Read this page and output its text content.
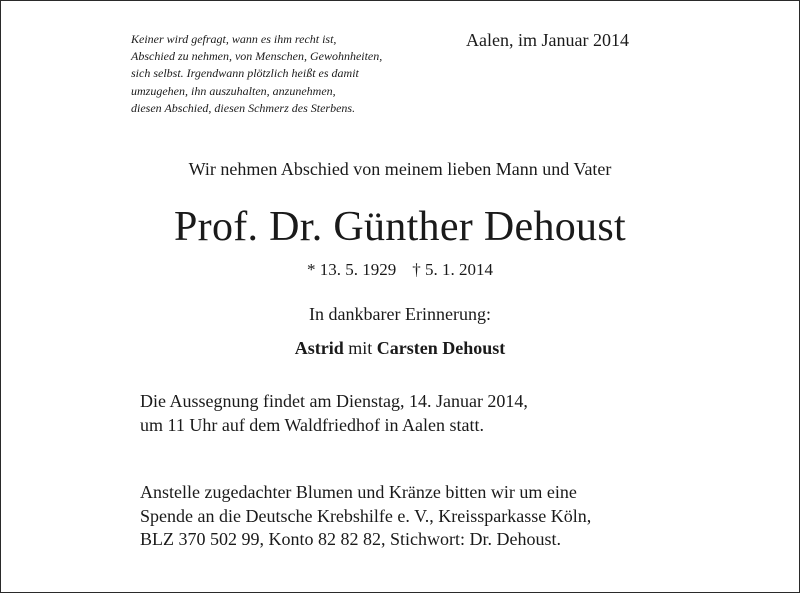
Keiner wird gefragt, wann es ihm recht ist,
Abschied zu nehmen, von Menschen, Gewohnheiten,
sich selbst. Irgendwann plötzlich heißt es damit
umzugehen, ihn auszuhalten, anzunehmen,
diesen Abschied, diesen Schmerz des Sterbens.
Aalen, im Januar 2014
Wir nehmen Abschied von meinem lieben Mann und Vater
Prof. Dr. Günther Dehoust
* 13. 5. 1929 † 5. 1. 2014
In dankbarer Erinnerung:
Astrid mit Carsten Dehoust
Die Aussegnung findet am Dienstag, 14. Januar 2014,
um 11 Uhr auf dem Waldfriedhof in Aalen statt.
Anstelle zugedachter Blumen und Kränze bitten wir um eine
Spende an die Deutsche Krebshilfe e. V., Kreissparkasse Köln,
BLZ 370 502 99, Konto 82 82 82, Stichwort: Dr. Dehoust.
